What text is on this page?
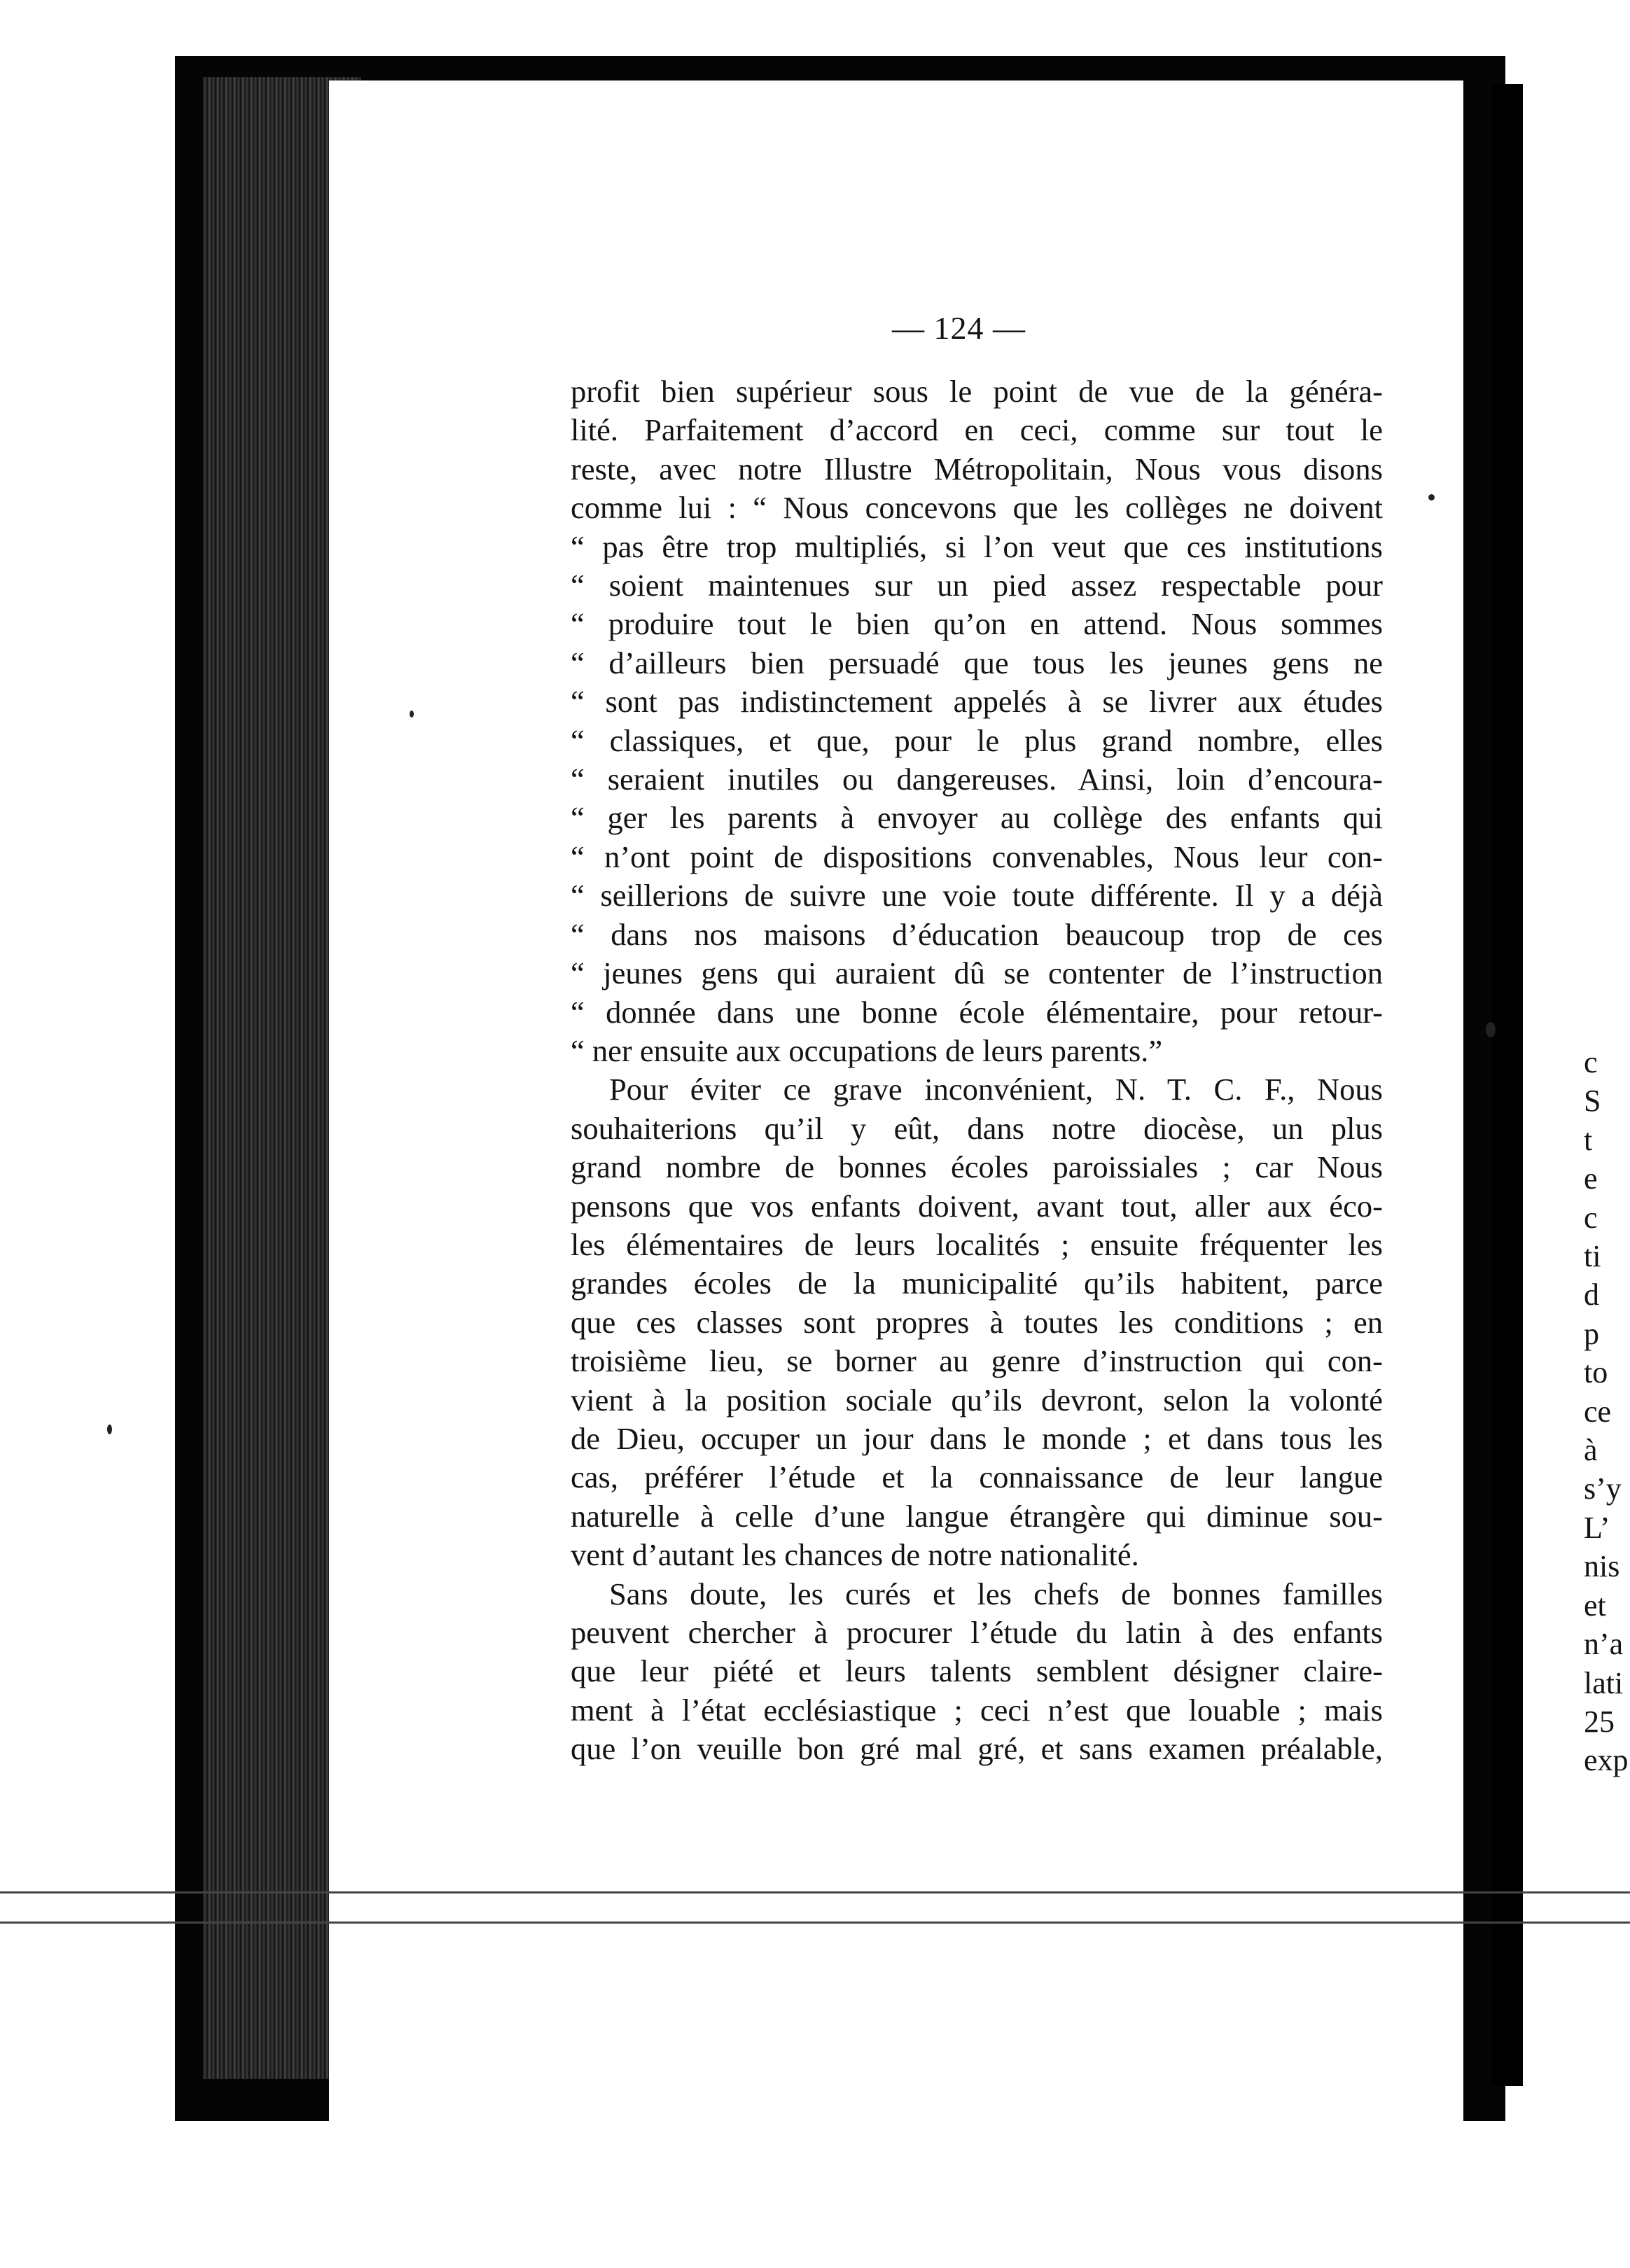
— 124 —
profit bien supérieur sous le point de vue de la généra-
lité. Parfaitement d’accord en ceci, comme sur tout le
reste, avec notre Illustre Métropolitain, Nous vous disons
comme lui : “ Nous concevons que les collèges ne doivent
“ pas être trop multipliés, si l’on veut que ces institutions
“ soient maintenues sur un pied assez respectable pour
“ produire tout le bien qu’on en attend. Nous sommes
“ d’ailleurs bien persuadé que tous les jeunes gens ne
“ sont pas indistinctement appelés à se livrer aux études
“ classiques, et que, pour le plus grand nombre, elles
“ seraient inutiles ou dangereuses. Ainsi, loin d’encoura-
“ ger les parents à envoyer au collège des enfants qui
“ n’ont point de dispositions convenables, Nous leur con-
“ seillerions de suivre une voie toute différente. Il y a déjà
“ dans nos maisons d’éducation beaucoup trop de ces
“ jeunes gens qui auraient dû se contenter de l’instruction
“ donnée dans une bonne école élémentaire, pour retour-
“ ner ensuite aux occupations de leurs parents.”
Pour éviter ce grave inconvénient, N. T. C. F., Nous
souhaiterions qu’il y eût, dans notre diocèse, un plus
grand nombre de bonnes écoles paroissiales ; car Nous
pensons que vos enfants doivent, avant tout, aller aux éco-
les élémentaires de leurs localités ; ensuite fréquenter les
grandes écoles de la municipalité qu’ils habitent, parce
que ces classes sont propres à toutes les conditions ; en
troisième lieu, se borner au genre d’instruction qui con-
vient à la position sociale qu’ils devront, selon la volonté
de Dieu, occuper un jour dans le monde ; et dans tous les
cas, préférer l’étude et la connaissance de leur langue
naturelle à celle d’une langue étrangère qui diminue sou-
vent d’autant les chances de notre nationalité.
Sans doute, les curés et les chefs de bonnes familles
peuvent chercher à procurer l’étude du latin à des enfants
que leur piété et leurs talents semblent désigner claire-
ment à l’état ecclésiastique ; ceci n’est que louable ; mais
que l’on veuille bon gré mal gré, et sans examen préalable,
c
S
t
e
c
ti
d
p
to
ce
à
s’y
L’
nis
et
n’a
lati
25
exp
